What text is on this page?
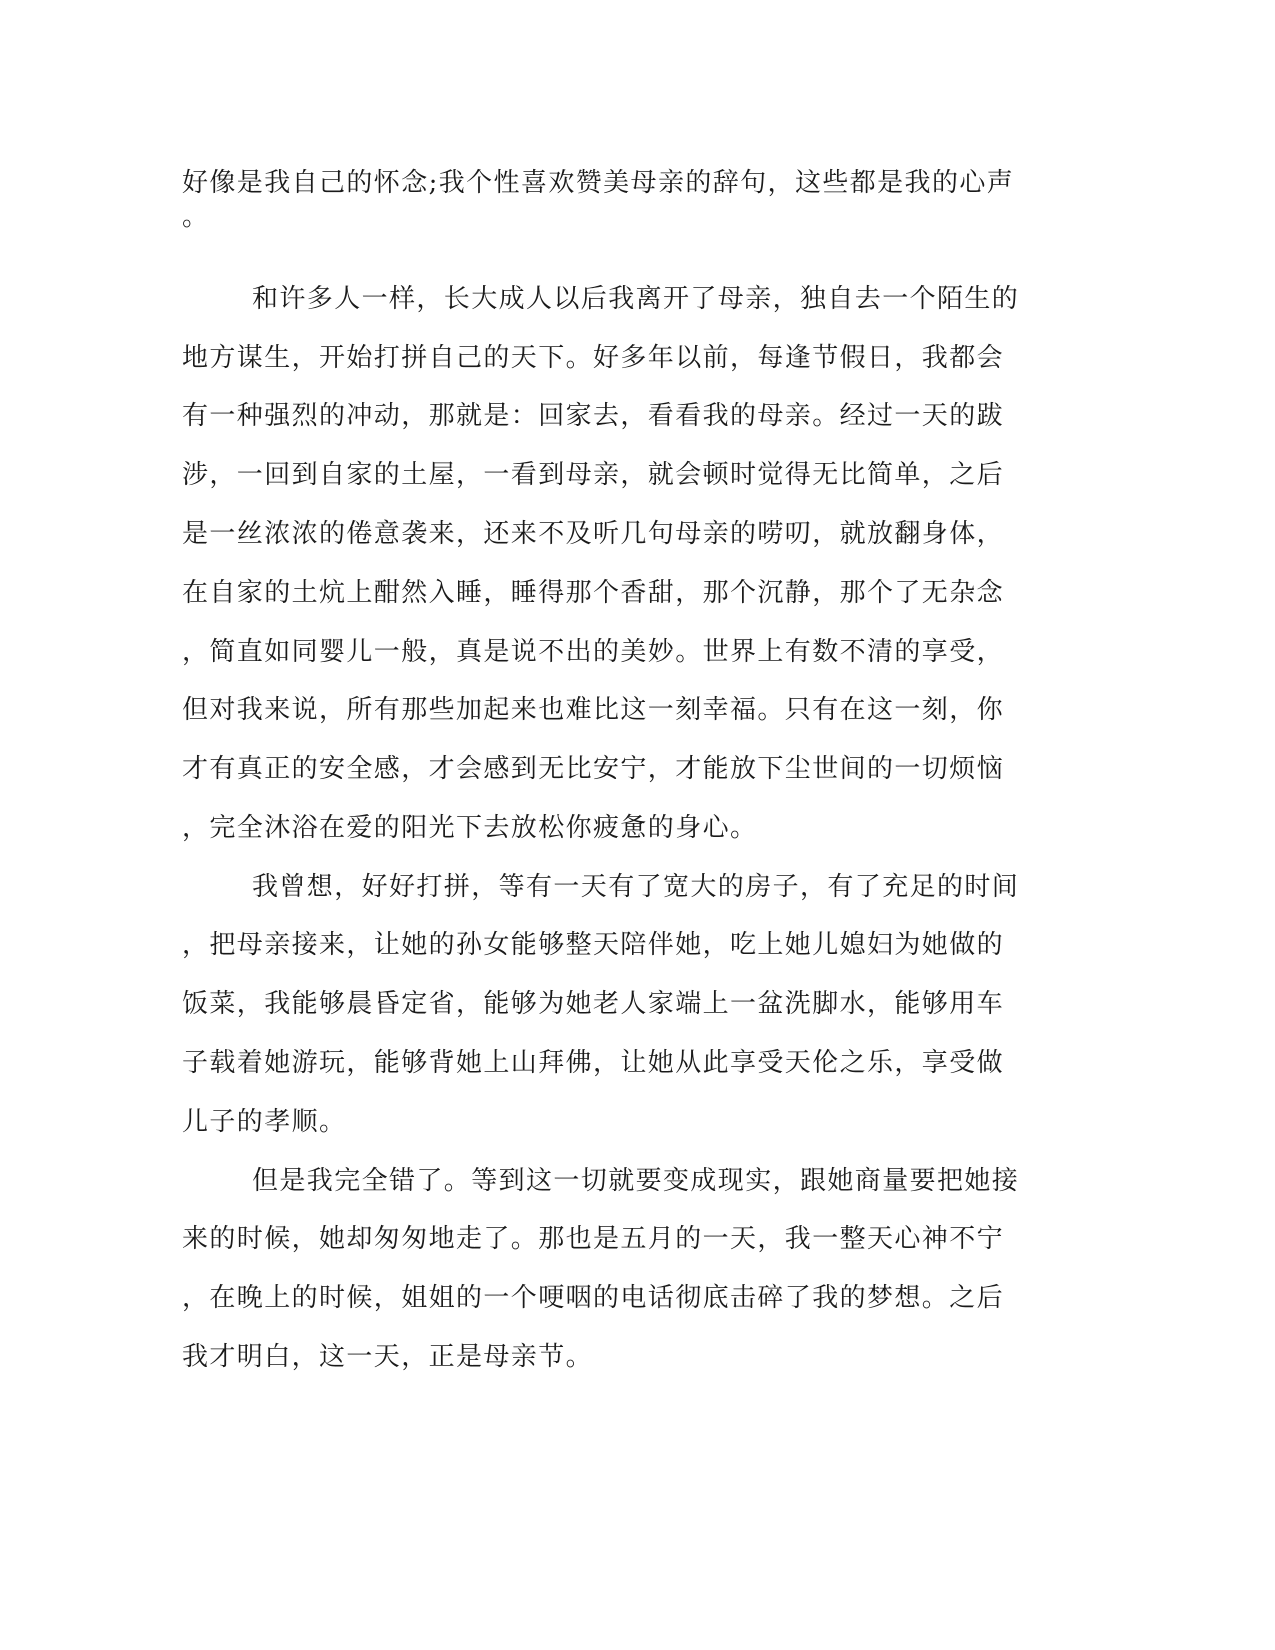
好像是我自己的怀念;我个性喜欢赞美母亲的辞句，这些都是我的心声
。
和许多人一样，长大成人以后我离开了母亲，独自去一个陌生的
地方谋生，开始打拼自己的天下。好多年以前，每逢节假日，我都会
有一种强烈的冲动，那就是：回家去，看看我的母亲。经过一天的跋
涉，一回到自家的土屋，一看到母亲，就会顿时觉得无比简单，之后
是一丝浓浓的倦意袭来，还来不及听几句母亲的唠叨，就放翻身体，
在自家的土炕上酣然入睡，睡得那个香甜，那个沉静，那个了无杂念
，简直如同婴儿一般，真是说不出的美妙。世界上有数不清的享受，
但对我来说，所有那些加起来也难比这一刻幸福。只有在这一刻，你
才有真正的安全感，才会感到无比安宁，才能放下尘世间的一切烦恼
，完全沐浴在爱的阳光下去放松你疲惫的身心。
我曾想，好好打拼，等有一天有了宽大的房子，有了充足的时间
，把母亲接来，让她的孙女能够整天陪伴她，吃上她儿媳妇为她做的
饭菜，我能够晨昏定省，能够为她老人家端上一盆洗脚水，能够用车
子载着她游玩，能够背她上山拜佛，让她从此享受天伦之乐，享受做
儿子的孝顺。
但是我完全错了。等到这一切就要变成现实，跟她商量要把她接
来的时候，她却匆匆地走了。那也是五月的一天，我一整天心神不宁
，在晚上的时候，姐姐的一个哽咽的电话彻底击碎了我的梦想。之后
我才明白，这一天，正是母亲节。
